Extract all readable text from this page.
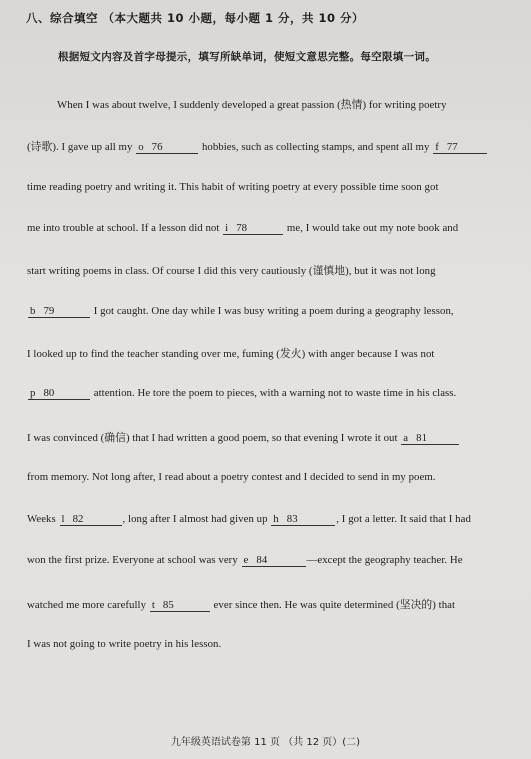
八、综合填空 （本大题共 10 小题，每小题 1 分，共 10 分）
根据短文内容及首字母提示，填写所缺单词，使短文意思完整。每空限填一词。
When I was about twelve, I suddenly developed a great passion (热情) for writing poetry
(诗歌). I gave up all my o 76	hobbies, such as collecting stamps, and spent all my f 77
time reading poetry and writing it. This habit of writing poetry at every possible time soon got
me into trouble at school. If a lesson did not i 78	me, I would take out my note book and
start writing poems in class. Of course I did this very cautiously (谨慎地), but it was not long
b 79	I got caught. One day while I was busy writing a poem during a geography lesson,
I looked up to find the teacher standing over me, fuming (发火) with anger because I was not
p 80	attention. He tore the poem to pieces, with a warning not to waste time in his class.
I was convinced (确信) that I had written a good poem, so that evening I wrote it out a 81
from memory. Not long after, I read about a poetry contest and I decided to send in my poem.
Weeks l 82	, long after I almost had given up h 83	, I got a letter. It said that I had
won the first prize. Everyone at school was very e 84	—except the geography teacher. He
watched me more carefully t 85	ever since then. He was quite determined (坚决的) that
I was not going to write poetry in his lesson.
九年级英语试卷第 11 页 （共 12 页）(二)
